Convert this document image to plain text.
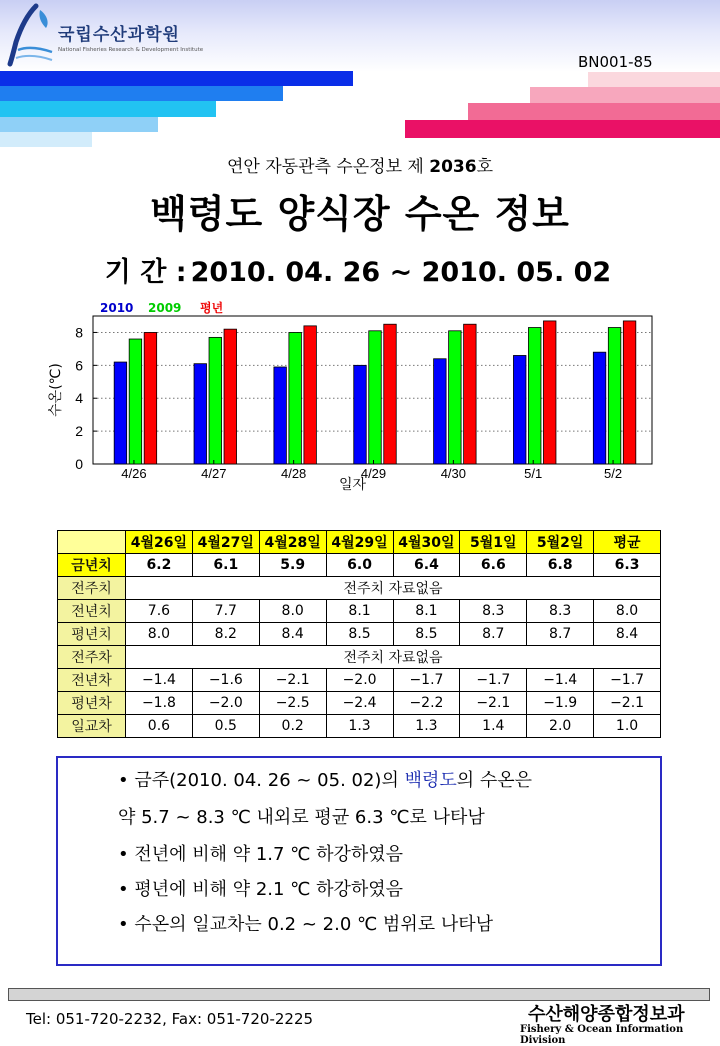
국립수산과학원
National Fisheries Research & Development Institute
BN001-85
연안 자동관측 수온정보 제 2036호
백령도 양식장 수온 정보
기 간 : 2010. 04. 26 ~ 2010. 05. 02
0
2
4
6
8
4/26	4/27	4/28	4/29	4/30	5/1	5/2
일자
수온(℃)
2010 2009 평년
	4월26일	4월27일	4월28일	4월29일	4월30일	5월1일	5월2일	평균
금년치	6.2	6.1	5.9	6.0	6.4	6.6	6.8	6.3
전주치	전주치 자료없음							
전년치	7.6	7.7	8.0	8.1	8.1	8.3	8.3	8.0
평년치	8.0	8.2	8.4	8.5	8.5	8.7	8.7	8.4
전주차	전주치 자료없음							
전년차	−1.4	−1.6	−2.1	−2.0	−1.7	−1.7	−1.4	−1.7
평년차	−1.8	−2.0	−2.5	−2.4	−2.2	−2.1	−1.9	−2.1
일교차	0.6	0.5	0.2	1.3	1.3	1.4	2.0	1.0
• 금주(2010. 04. 26 ~ 05. 02)의 백령도의 수온은
약 5.7 ~ 8.3 ℃ 내외로 평균 6.3 ℃로 나타남
• 전년에 비해 약 1.7 ℃ 하강하였음
• 평년에 비해 약 2.1 ℃ 하강하였음
• 수온의 일교차는 0.2 ~ 2.0 ℃ 범위로 나타남
Tel: 051-720-2232, Fax: 051-720-2225	수산해양종합정보과
Fishery & Ocean Information Division
